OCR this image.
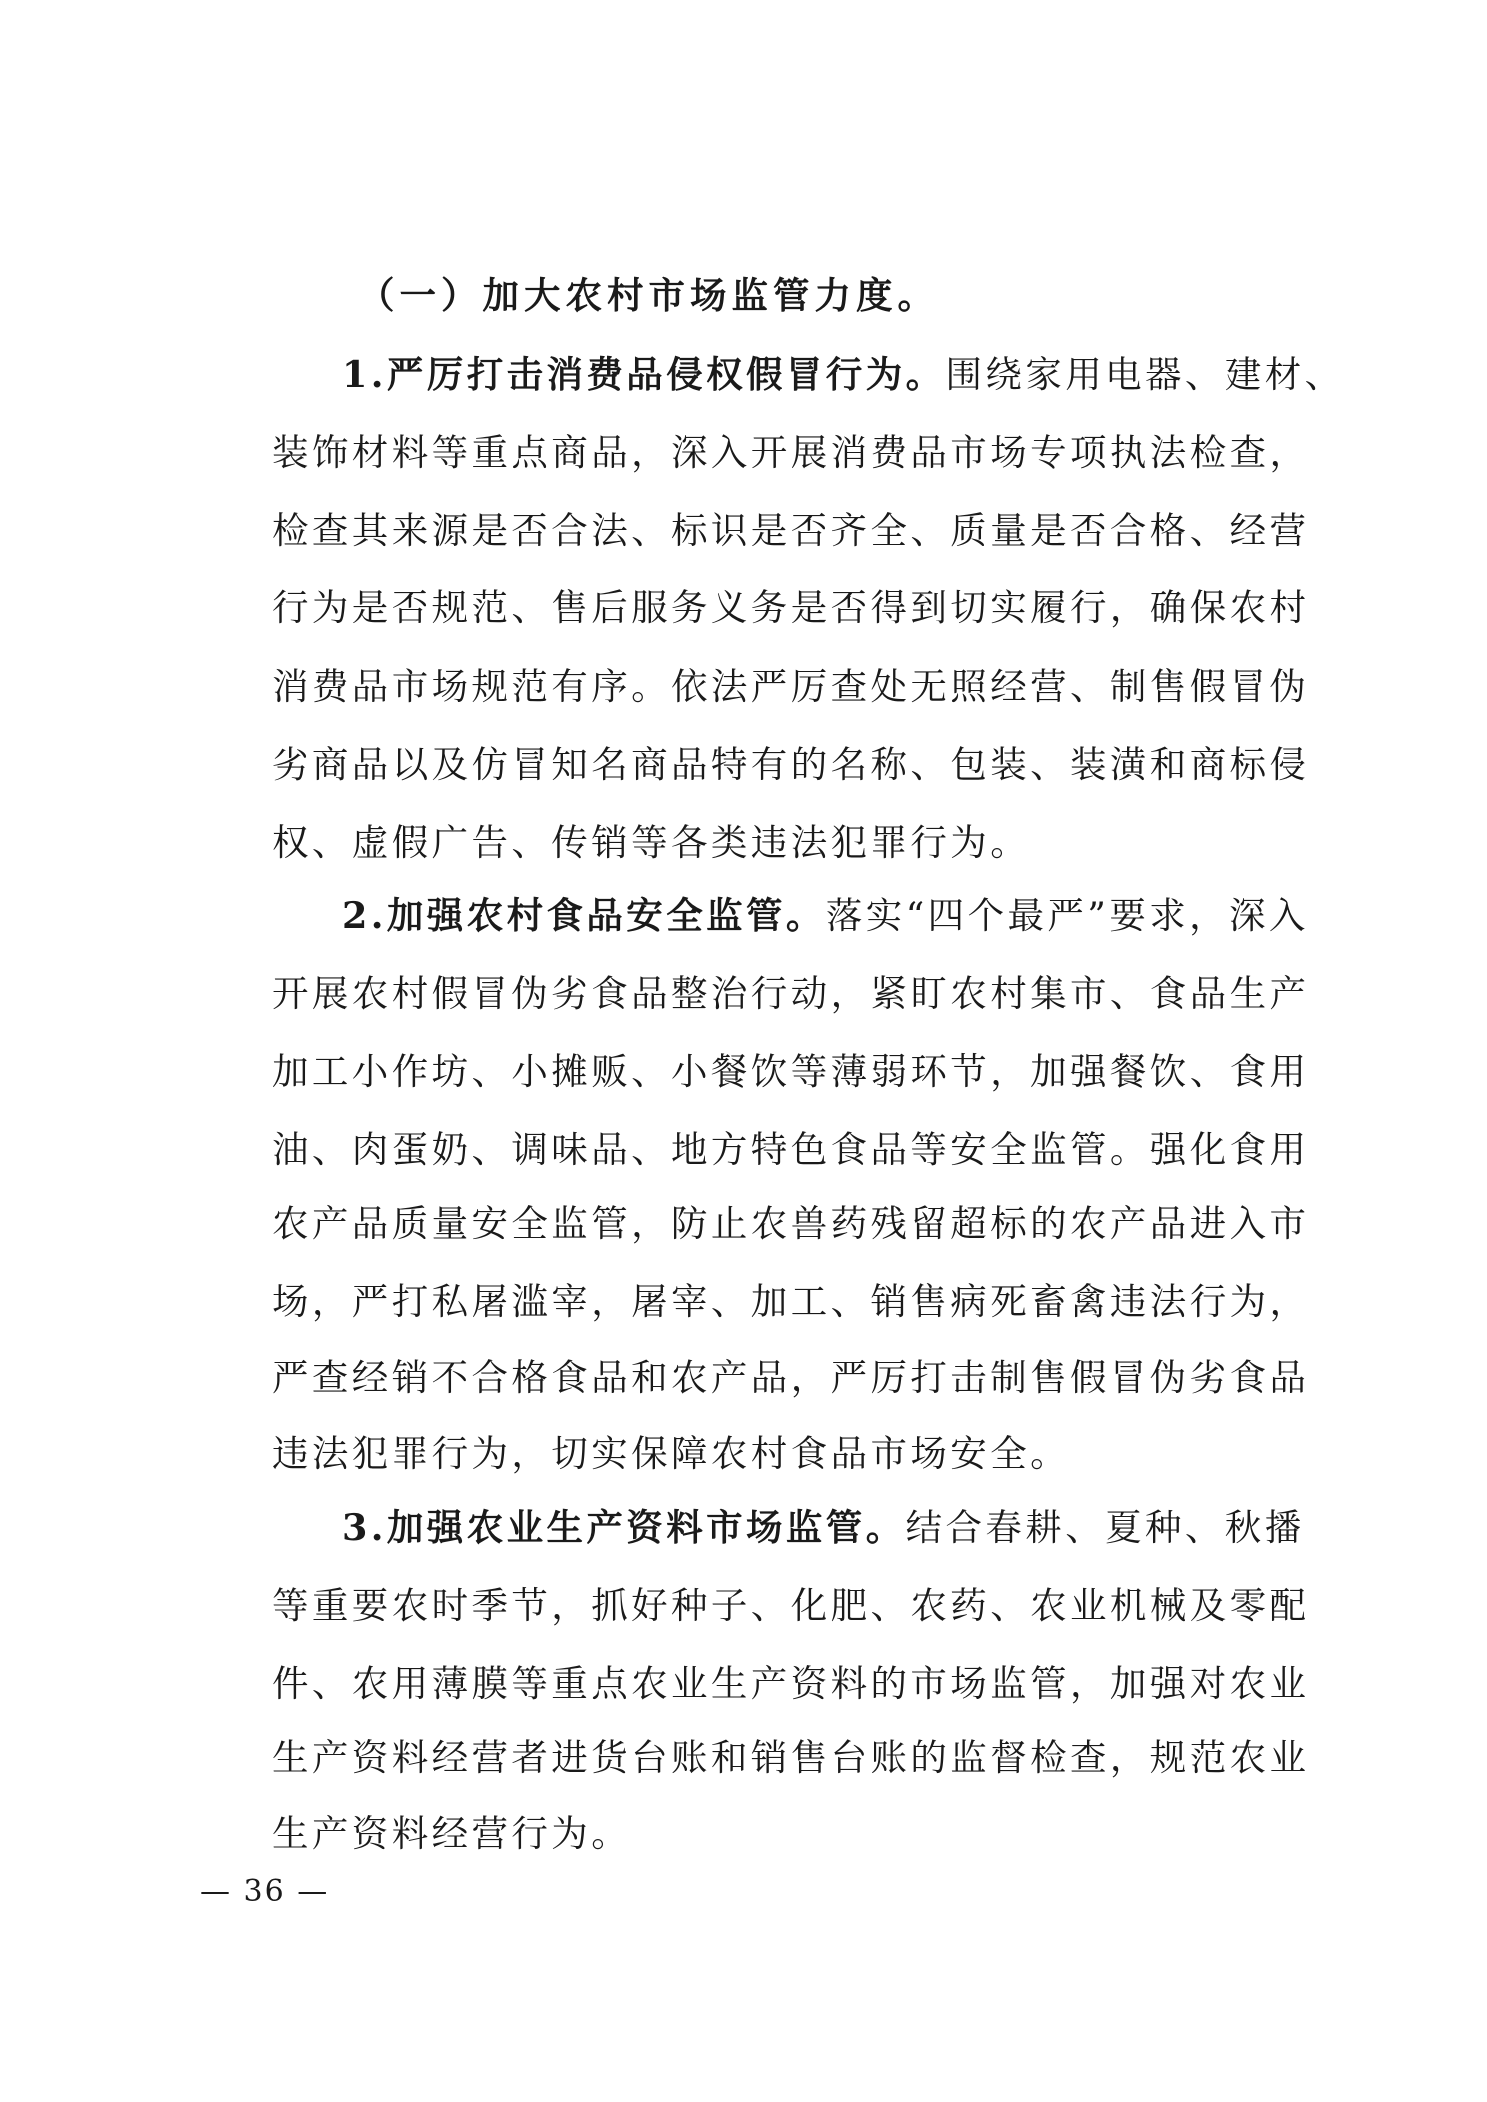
（一）加大农村市场监管力度。
1.严厉打击消费品侵权假冒行为。围绕家用电器、建材、
装饰材料等重点商品，深入开展消费品市场专项执法检查，
检查其来源是否合法、标识是否齐全、质量是否合格、经营
行为是否规范、售后服务义务是否得到切实履行，确保农村
消费品市场规范有序。依法严厉查处无照经营、制售假冒伪
劣商品以及仿冒知名商品特有的名称、包装、装潢和商标侵
权、虚假广告、传销等各类违法犯罪行为。
2.加强农村食品安全监管。落实“四个最严”要求，深入
开展农村假冒伪劣食品整治行动，紧盯农村集市、食品生产
加工小作坊、小摊贩、小餐饮等薄弱环节，加强餐饮、食用
油、肉蛋奶、调味品、地方特色食品等安全监管。强化食用
农产品质量安全监管，防止农兽药残留超标的农产品进入市
场，严打私屠滥宰，屠宰、加工、销售病死畜禽违法行为，
严查经销不合格食品和农产品，严厉打击制售假冒伪劣食品
违法犯罪行为，切实保障农村食品市场安全。
3.加强农业生产资料市场监管。结合春耕、夏种、秋播
等重要农时季节，抓好种子、化肥、农药、农业机械及零配
件、农用薄膜等重点农业生产资料的市场监管，加强对农业
生产资料经营者进货台账和销售台账的监督检查，规范农业
生产资料经营行为。
— 36 —
